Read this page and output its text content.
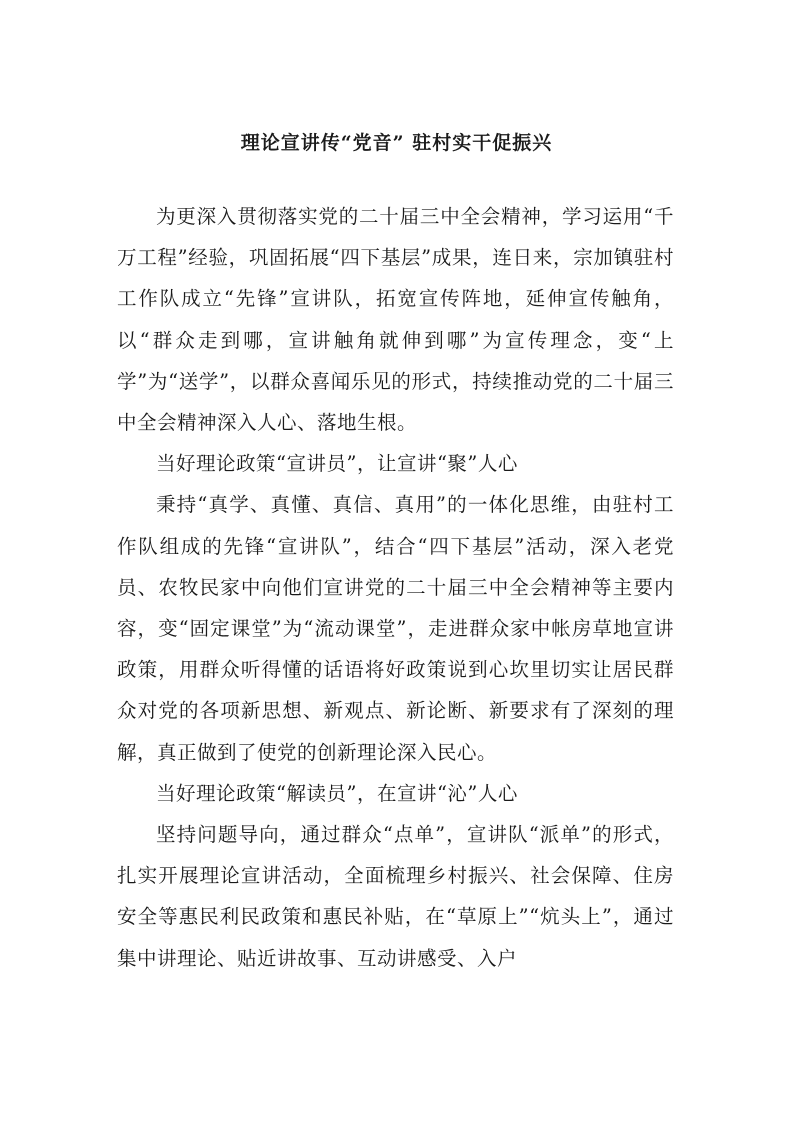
理论宣讲传“党音” 驻村实干促振兴

为更深入贯彻落实党的二十届三中全会精神，学习运用“千万工程”经验，巩固拓展“四下基层”成果，连日来，宗加镇驻村工作队成立“先锋”宣讲队，拓宽宣传阵地，延伸宣传触角，以“群众走到哪，宣讲触角就伸到哪”为宣传理念，变“上学”为“送学”，以群众喜闻乐见的形式，持续推动党的二十届三中全会精神深入人心、落地生根。

当好理论政策“宣讲员”，让宣讲“聚”人心

秉持“真学、真懂、真信、真用”的一体化思维，由驻村工作队组成的先锋“宣讲队”，结合“四下基层”活动，深入老党员、农牧民家中向他们宣讲党的二十届三中全会精神等主要内容，变“固定课堂”为“流动课堂”，走进群众家中帐房草地宣讲政策，用群众听得懂的话语将好政策说到心坎里切实让居民群众对党的各项新思想、新观点、新论断、新要求有了深刻的理解，真正做到了使党的创新理论深入民心。

当好理论政策“解读员”，在宣讲“沁”人心

坚持问题导向，通过群众“点单”，宣讲队“派单”的形式，扎实开展理论宣讲活动，全面梳理乡村振兴、社会保障、住房安全等惠民利民政策和惠民补贴，在“草原上”“炕头上”，通过集中讲理论、贴近讲故事、互动讲感受、入户
